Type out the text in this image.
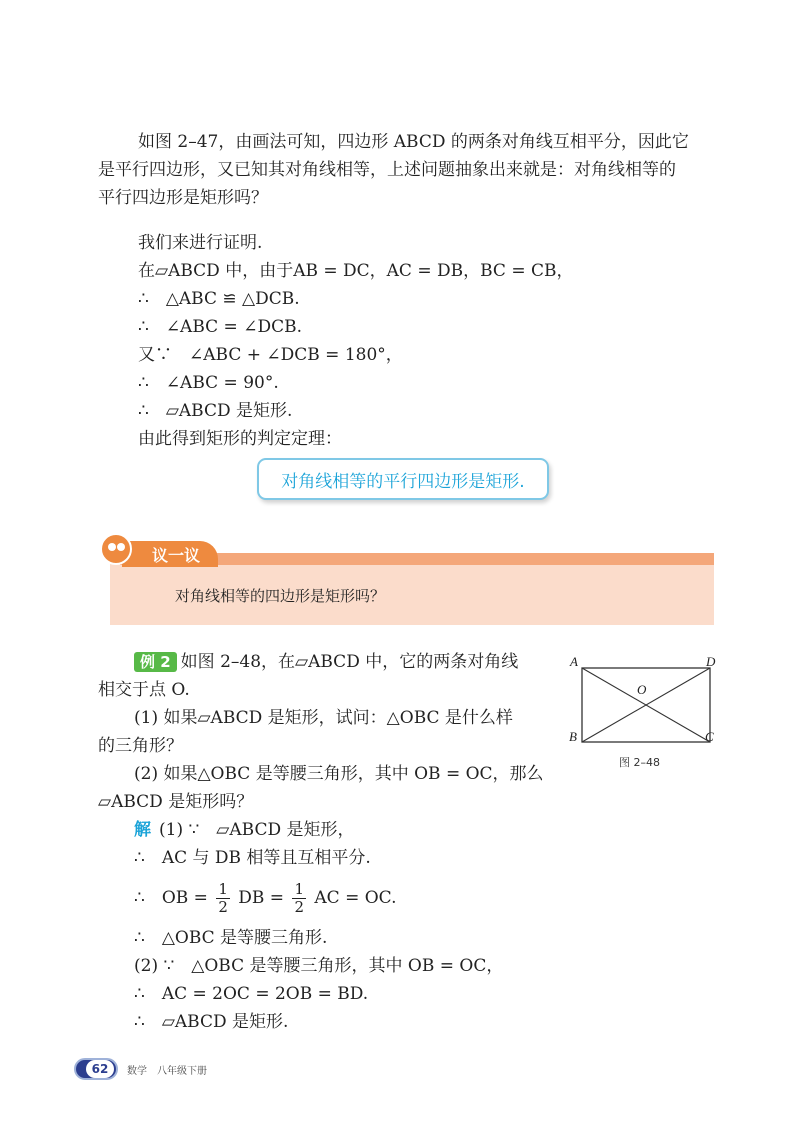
如图 2–47，由画法可知，四边形 ABCD 的两条对角线互相平分，因此它
是平行四边形，又已知其对角线相等，上述问题抽象出来就是：对角线相等的
平行四边形是矩形吗？
我们来进行证明.
在▱ABCD 中，由于AB = DC，AC = DB，BC = CB，
∴　△ABC ≌ △DCB.
∴　∠ABC = ∠DCB.
又∵　∠ABC + ∠DCB = 180°，
∴　∠ABC = 90°.
∴　▱ABCD 是矩形.
由此得到矩形的判定定理：
对角线相等的平行四边形是矩形.
议一议
对角线相等的四边形是矩形吗？
例 2 如图 2–48，在▱ABCD 中，它的两条对角线
相交于点 O.
(1) 如果▱ABCD 是矩形，试问：△OBC 是什么样
的三角形？
(2) 如果△OBC 是等腰三角形，其中 OB = OC，那么
▱ABCD 是矩形吗？
解 (1) ∵　▱ABCD 是矩形，
∴　AC 与 DB 相等且互相平分.
∴　OB = $\frac{1}{2}$ DB = $\frac{1}{2}$ AC = OC.
∴　△OBC 是等腰三角形.
(2) ∵　△OBC 是等腰三角形，其中 OB = OC，
∴　AC = 2OC = 2OB = BD.
∴　▱ABCD 是矩形.
A	D
B	C
O
图 2–48
62	数学　八年级下册
